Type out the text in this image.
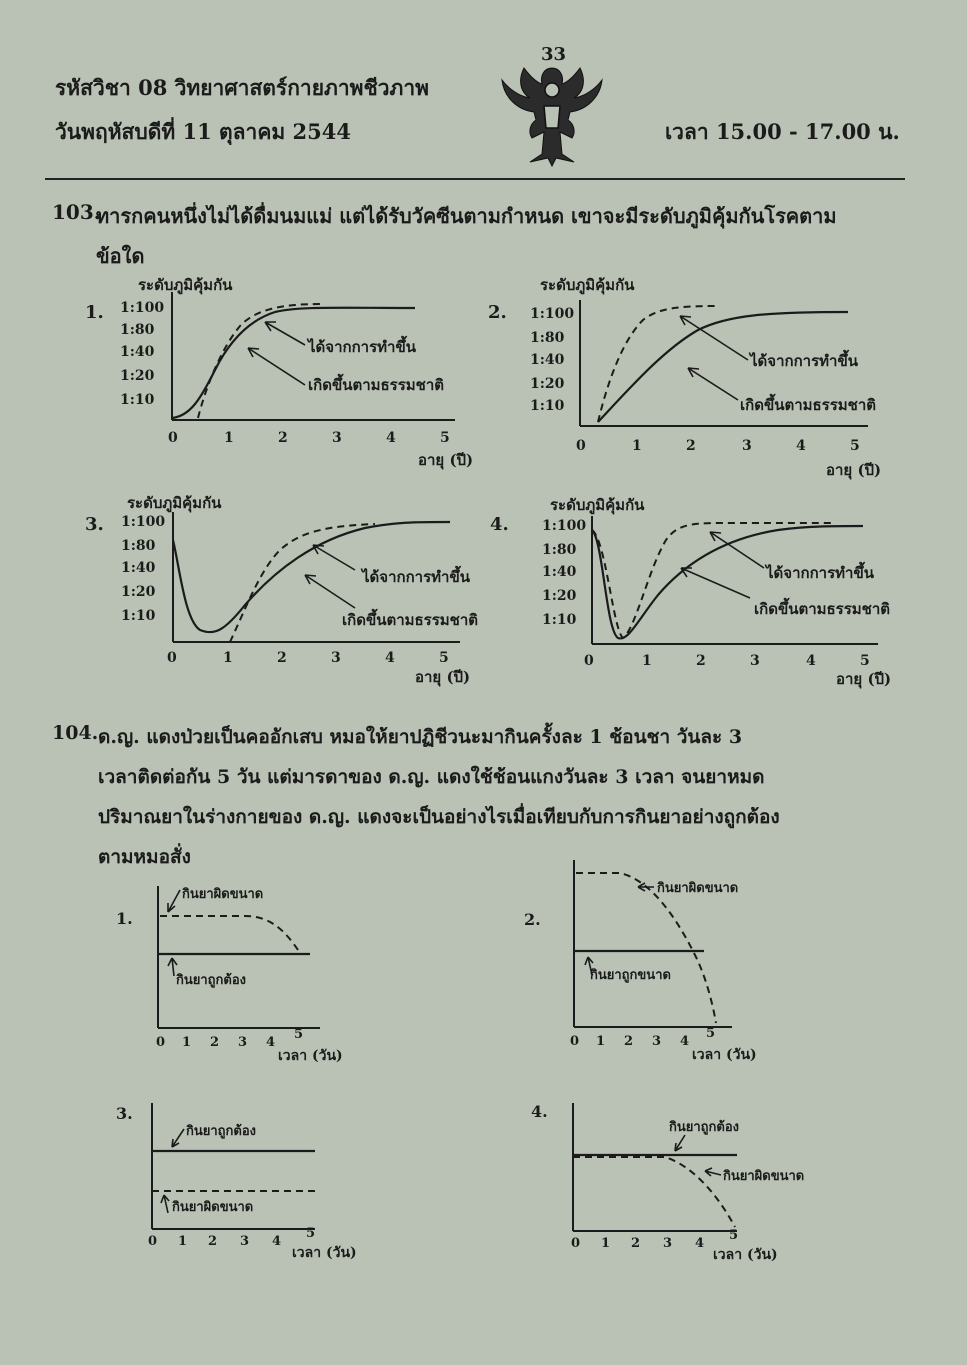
33
รหัสวิชา 08 วิทยาศาสตร์กายภาพชีวภาพ
วันพฤหัสบดีที่ 11 ตุลาคม 2544	เวลา 15.00 - 17.00 น.
103.
ทารกคนหนึ่งไม่ได้ดื่มนมแม่ แต่ได้รับวัคซีนตามกำหนด เขาจะมีระดับภูมิคุ้มกันโรคตาม
ข้อใด
1.
ระดับภูมิคุ้มกัน
1:100
1:80
1:40
1:20
1:10
0	1	2	3	4	5
อายุ (ปี)
ได้จากการทำขึ้น
เกิดขึ้นตามธรรมชาติ
2.
ระดับภูมิคุ้มกัน
1:100
1:80
1:40
1:20
1:10
0	1	2	3	4	5
อายุ (ปี)
ได้จากการทำขึ้น
เกิดขึ้นตามธรรมชาติ
3.
ระดับภูมิคุ้มกัน
1:100
1:80
1:40
1:20
1:10
0	1	2	3	4	5
อายุ (ปี)
ได้จากการทำขึ้น
เกิดขึ้นตามธรรมชาติ
4.
ระดับภูมิคุ้มกัน
1:100
1:80
1:40
1:20
1:10
0	1	2	3	4	5
อายุ (ปี)
ได้จากการทำขึ้น
เกิดขึ้นตามธรรมชาติ
104. ด.ญ. แดงป่วยเป็นคออักเสบ หมอให้ยาปฏิชีวนะมากินครั้งละ 1 ช้อนชา วันละ 3
เวลาติดต่อกัน 5 วัน แต่มารดาของ ด.ญ. แดงใช้ช้อนแกงวันละ 3 เวลา จนยาหมด
ปริมาณยาในร่างกายของ ด.ญ. แดงจะเป็นอย่างไรเมื่อเทียบกับการกินยาอย่างถูกต้อง
ตามหมอสั่ง
1.
กินยาผิดขนาด
กินยาถูกต้อง
0 1 2 3 4
5
เวลา (วัน)
2.
กินยาผิดขนาด
กินยาถูกขนาด
0 1 2 3 4
5
เวลา (วัน)
3.
กินยาถูกต้อง
กินยาผิดขนาด
0 1 2 3 4
5
เวลา (วัน)
4.
กินยาถูกต้อง
กินยาผิดขนาด
0 1 2 3 4
5
เวลา (วัน)
